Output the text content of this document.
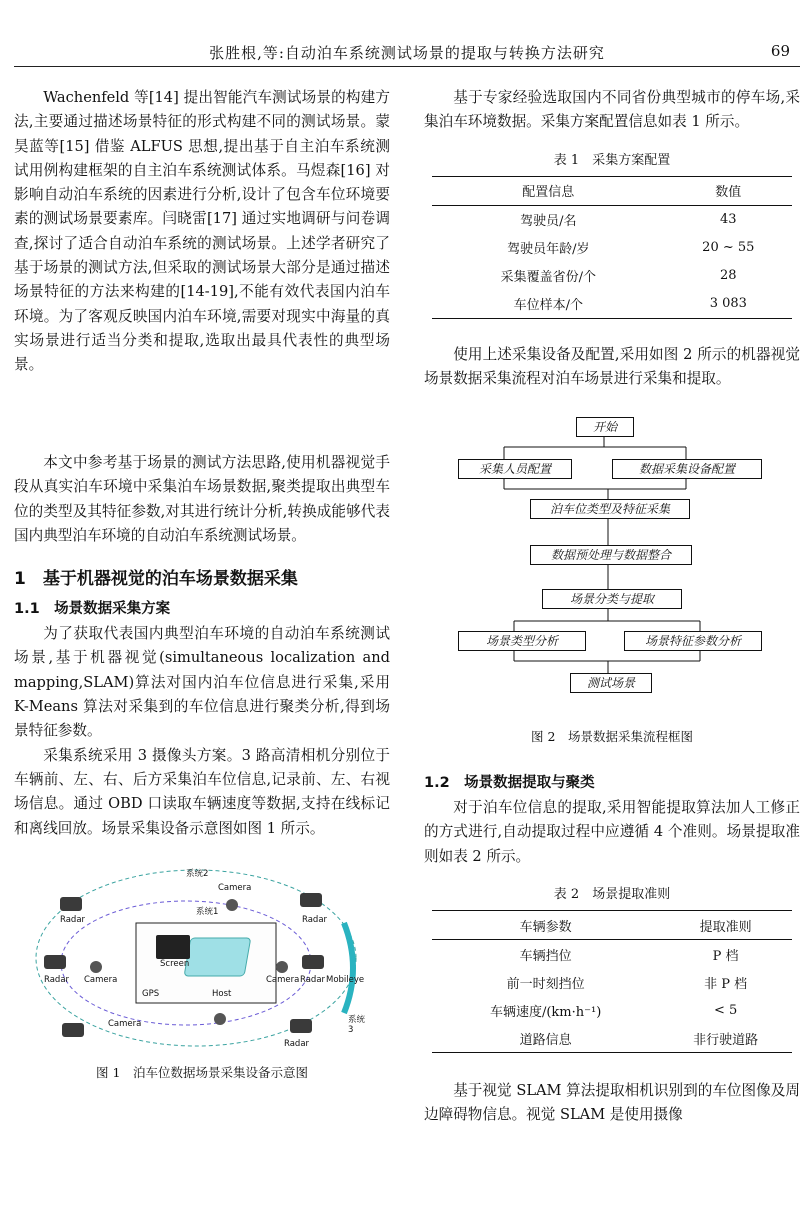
张胜根,等:自动泊车系统测试场景的提取与转换方法研究	69

Wachenfeld 等[14] 提出智能汽车测试场景的构建方法,主要通过描述场景特征的形式构建不同的测试场景。蒙昊蓝等[15] 借鉴 ALFUS 思想,提出基于自主泊车系统测试用例构建框架的自主泊车系统测试体系。马煜森[16] 对影响自动泊车系统的因素进行分析,设计了包含车位环境要素的测试场景要素库。闫晓雷[17] 通过实地调研与问卷调查,探讨了适合自动泊车系统的测试场景。上述学者研究了基于场景的测试方法,但采取的测试场景大部分是通过描述场景特征的方法来构建的[14-19],不能有效代表国内泊车环境。为了客观反映国内泊车环境,需要对现实中海量的真实场景进行适当分类和提取,选取出最具代表性的典型场景。

本文中参考基于场景的测试方法思路,使用机器视觉手段从真实泊车环境中采集泊车场景数据,聚类提取出典型车位的类型及其特征参数,对其进行统计分析,转换成能够代表国内典型泊车环境的自动泊车系统测试场景。

1　基于机器视觉的泊车场景数据采集
1.1　场景数据采集方案

为了获取代表国内典型泊车环境的自动泊车系统测试场景,基于机器视觉(simultaneous localization and mapping,SLAM)算法对国内泊车位信息进行采集,采用 K-Means 算法对采集到的车位信息进行聚类分析,得到场景特征参数。

采集系统采用 3 摄像头方案。3 路高清相机分别位于车辆前、左、右、后方采集泊车位信息,记录前、左、右视场信息。通过 OBD 口读取车辆速度等数据,支持在线标记和离线回放。场景采集设备示意图如图 1 所示。

系统2
系统1
系统3
Camera
Camera	Camera
Camera
Radar	Radar
Radar	Radar
Radar
Screen
GPS	Host
Mobileye
图 1　泊车位数据场景采集设备示意图

基于专家经验选取国内不同省份典型城市的停车场,采集泊车环境数据。采集方案配置信息如表 1 所示。

表 1　采集方案配置
配置信息	数值
驾驶员/名	43
驾驶员年龄/岁	20 ~ 55
采集覆盖省份/个	28
车位样本/个	3 083

使用上述采集设备及配置,采用如图 2 所示的机器视觉场景数据采集流程对泊车场景进行采集和提取。

开始
采集人员配置	数据采集设备配置
泊车位类型及特征采集
数据预处理与数据整合
场景分类与提取
场景类型分析	场景特征参数分析
测试场景
图 2　场景数据采集流程框图
1.2　场景数据提取与聚类

对于泊车位信息的提取,采用智能提取算法加人工修正的方式进行,自动提取过程中应遵循 4 个准则。场景提取准则如表 2 所示。

表 2　场景提取准则
车辆参数	提取准则
车辆挡位	P 档
前一时刻挡位	非 P 档
车辆速度/(km·h⁻¹)	< 5
道路信息	非行驶道路

基于视觉 SLAM 算法提取相机识别到的车位图像及周边障碍物信息。视觉 SLAM 是使用摄像
